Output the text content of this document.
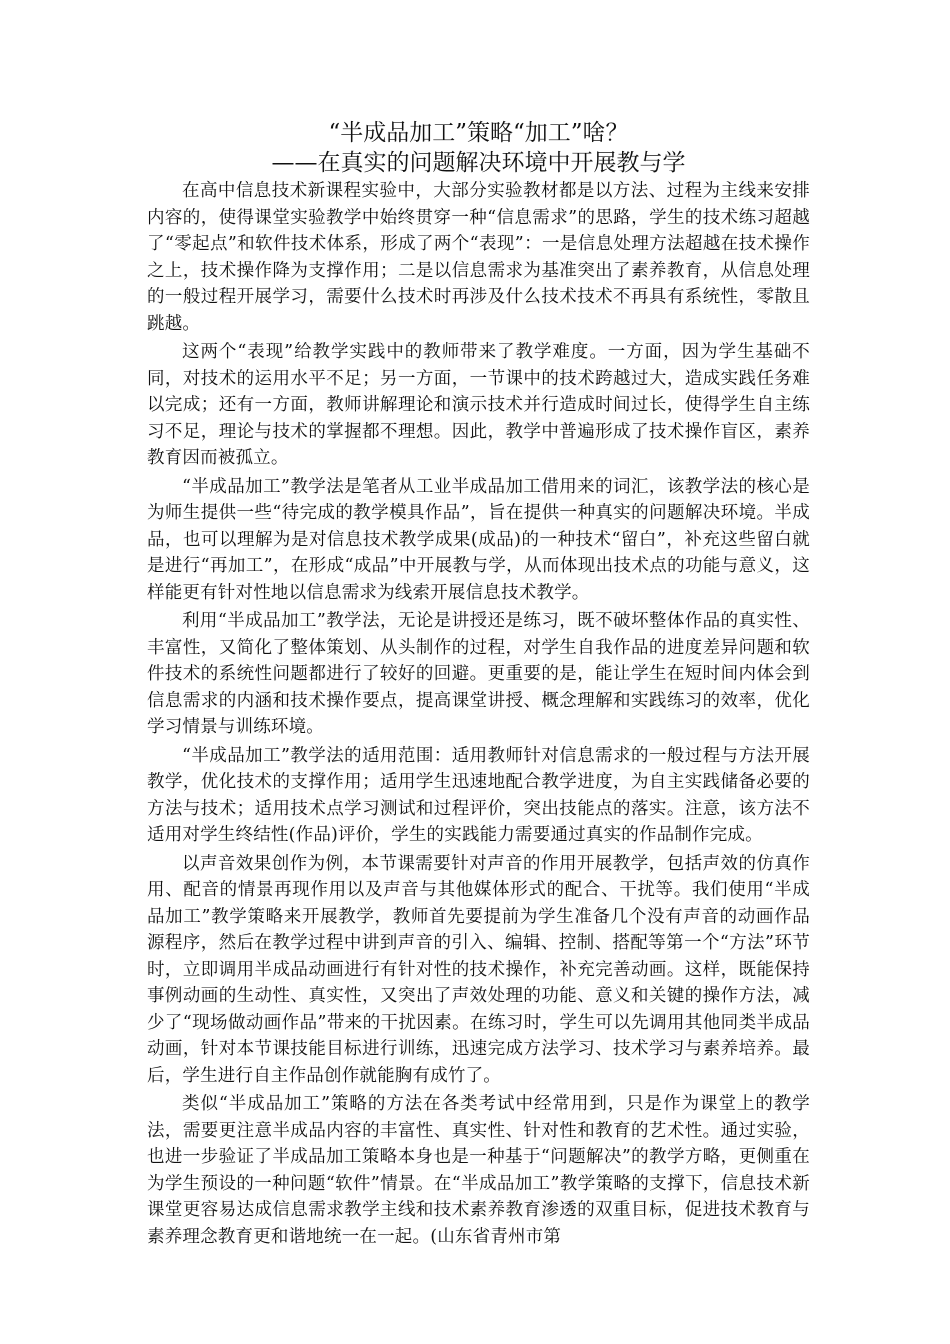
“半成品加工”策略“加工”啥？
——在真实的问题解决环境中开展教与学

在高中信息技术新课程实验中，大部分实验教材都是以方法、过程为主线来安排内容的，使得课堂实验教学中始终贯穿一种“信息需求”的思路，学生的技术练习超越了“零起点”和软件技术体系，形成了两个“表现”：一是信息处理方法超越在技术操作之上，技术操作降为支撑作用；二是以信息需求为基准突出了素养教育，从信息处理的一般过程开展学习，需要什么技术时再涉及什么技术技术不再具有系统性，零散且跳越。

这两个“表现”给教学实践中的教师带来了教学难度。一方面，因为学生基础不同，对技术的运用水平不足；另一方面，一节课中的技术跨越过大，造成实践任务难以完成；还有一方面，教师讲解理论和演示技术并行造成时间过长，使得学生自主练习不足，理论与技术的掌握都不理想。因此，教学中普遍形成了技术操作盲区，素养教育因而被孤立。

“半成品加工”教学法是笔者从工业半成品加工借用来的词汇，该教学法的核心是为师生提供一些“待完成的教学模具作品”，旨在提供一种真实的问题解决环境。半成品，也可以理解为是对信息技术教学成果(成品)的一种技术“留白”，补充这些留白就是进行“再加工”，在形成“成品”中开展教与学，从而体现出技术点的功能与意义，这样能更有针对性地以信息需求为线索开展信息技术教学。

利用“半成品加工”教学法，无论是讲授还是练习，既不破坏整体作品的真实性、丰富性，又简化了整体策划、从头制作的过程，对学生自我作品的进度差异问题和软件技术的系统性问题都进行了较好的回避。更重要的是，能让学生在短时间内体会到信息需求的内涵和技术操作要点，提高课堂讲授、概念理解和实践练习的效率，优化学习情景与训练环境。

“半成品加工”教学法的适用范围：适用教师针对信息需求的一般过程与方法开展教学，优化技术的支撑作用；适用学生迅速地配合教学进度，为自主实践储备必要的方法与技术；适用技术点学习测试和过程评价，突出技能点的落实。注意，该方法不适用对学生终结性(作品)评价，学生的实践能力需要通过真实的作品制作完成。

以声音效果创作为例，本节课需要针对声音的作用开展教学，包括声效的仿真作用、配音的情景再现作用以及声音与其他媒体形式的配合、干扰等。我们使用“半成品加工”教学策略来开展教学，教师首先要提前为学生准备几个没有声音的动画作品源程序，然后在教学过程中讲到声音的引入、编辑、控制、搭配等第一个“方法”环节时，立即调用半成品动画进行有针对性的技术操作，补充完善动画。这样，既能保持事例动画的生动性、真实性，又突出了声效处理的功能、意义和关键的操作方法，减少了“现场做动画作品”带来的干扰因素。在练习时，学生可以先调用其他同类半成品动画，针对本节课技能目标进行训练，迅速完成方法学习、技术学习与素养培养。最后，学生进行自主作品创作就能胸有成竹了。

类似“半成品加工”策略的方法在各类考试中经常用到，只是作为课堂上的教学法，需要更注意半成品内容的丰富性、真实性、针对性和教育的艺术性。通过实验，也进一步验证了半成品加工策略本身也是一种基于“问题解决”的教学方略，更侧重在为学生预设的一种问题“软件”情景。在“半成品加工”教学策略的支撑下，信息技术新课堂更容易达成信息需求教学主线和技术素养教育渗透的双重目标，促进技术教育与素养理念教育更和谐地统一在一起。(山东省青州市第
